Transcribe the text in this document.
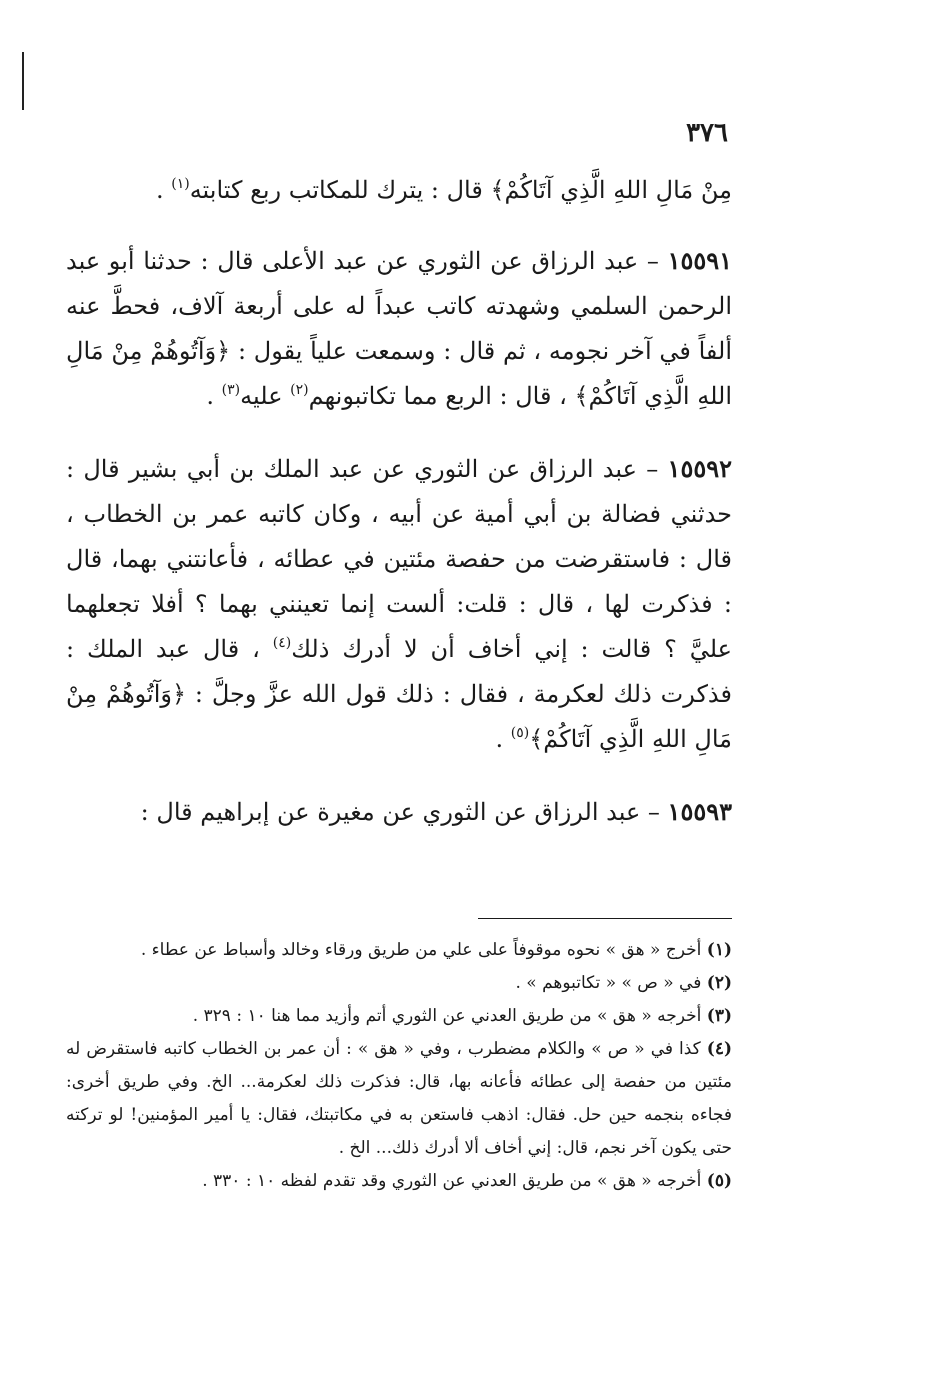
٣٧٦

مِنْ مَالِ اللهِ الَّذِي آتَاكُمْ﴾ قال : يترك للمكاتب ربع كتابته$^{(١)}$ .

١٥٥٩١ – عبد الرزاق عن الثوري عن عبد الأعلى قال : حدثنا أبو عبد الرحمن السلمي وشهدته كاتب عبداً له على أربعة آلاف، فحطَّ عنه ألفاً في آخر نجومه ، ثم قال : وسمعت علياً يقول : ﴿وَآتُوهُمْ مِنْ مَالِ اللهِ الَّذِي آتَاكُمْ﴾ ، قال : الربع مما تكاتبونهم$^{(٢)}$ عليه$^{(٣)}$ .

١٥٥٩٢ – عبد الرزاق عن الثوري عن عبد الملك بن أبي بشير قال : حدثني فضالة بن أبي أمية عن أبيه ، وكان كاتبه عمر بن الخطاب ، قال : فاستقرضت من حفصة مئتين في عطائه ، فأعانتني بهما، قال : فذكرت لها ، قال : قلت: ألست إنما تعينني بهما ؟ أفلا تجعلهما عليَّ ؟ قالت : إني أخاف أن لا أدرك ذلك$^{(٤)}$ ، قال عبد الملك : فذكرت ذلك لعكرمة ، فقال : ذلك قول الله عزَّ وجلَّ : ﴿وَآتُوهُمْ مِنْ مَالِ اللهِ الَّذِي آتَاكُمْ﴾$^{(٥)}$ .

١٥٥٩٣ – عبد الرزاق عن الثوري عن مغيرة عن إبراهيم قال :

(١) أخرج « هق » نحوه موقوفاً على علي من طريق ورقاء وخالد وأسباط عن عطاء .

(٢) في « ص » « تكاتبوهم » .

(٣) أخرجه « هق » من طريق العدني عن الثوري أتم وأزيد مما هنا ١٠ : ٣٢٩ .

(٤) كذا في « ص » والكلام مضطرب ، وفي « هق » : أن عمر بن الخطاب كاتبه فاستقرض له مئتين من حفصة إلى عطائه فأعانه بها، قال: فذكرت ذلك لعكرمة... الخ. وفي طريق أخرى: فجاءه بنجمه حين حل. فقال: اذهب فاستعن به في مكاتبتك، فقال: يا أمير المؤمنين! لو تركته حتى يكون آخر نجم، قال: إني أخاف ألا أدرك ذلك... الخ .

(٥) أخرجه « هق » من طريق العدني عن الثوري وقد تقدم لفظه ١٠ : ٣٣٠ .
